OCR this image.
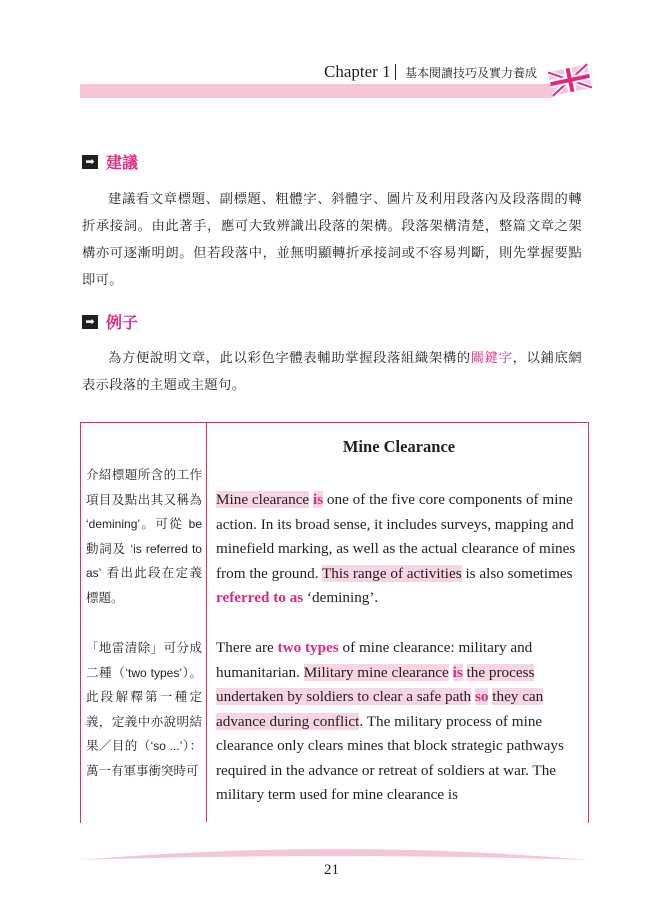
Chapter 1 基本閱讀技巧及實力養成
➡ 建議
建議看文章標題、副標題、粗體字、斜體字、圖片及利用段落內及段落間的轉折承接詞。由此著手，應可大致辨識出段落的架構。段落架構清楚，整篇文章之架構亦可逐漸明朗。但若段落中，並無明顯轉折承接詞或不容易判斷，則先掌握要點即可。
➡ 例子
為方便說明文章，此以彩色字體表輔助掌握段落組織架構的關鍵字，以鋪底網表示段落的主題或主題句。
Mine Clearance
介紹標題所含的工作項目及點出其又稱為 ‘demining’。可從 be 動詞及 ‘is referred to as’ 看出此段在定義標題。
Mine clearance is one of the five core components of mine action. In its broad sense, it includes surveys, mapping and minefield marking, as well as the actual clearance of mines from the ground. This range of activities is also sometimes referred to as ‘demining’.
「地雷清除」可分成二種（‘two types’）。此段解釋第一種定義，定義中亦說明結果／目的（‘so ...’）：萬一有軍事衝突時可
There are two types of mine clearance: military and humanitarian. Military mine clearance is the process undertaken by soldiers to clear a safe path so they can advance during conflict. The military process of mine clearance only clears mines that block strategic pathways required in the advance or retreat of soldiers at war. The military term used for mine clearance is
21
